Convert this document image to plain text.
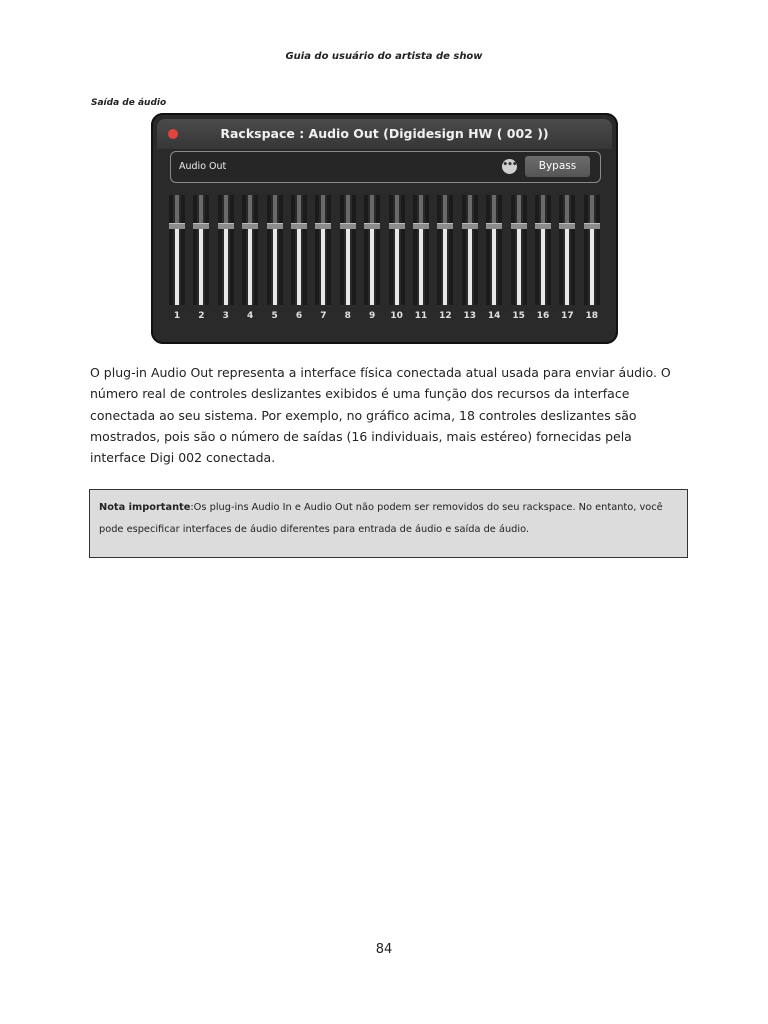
Guia do usuário do artista de show
Saída de áudio
Rackspace : Audio Out (Digidesign HW ( 002 ))
Audio Out	•••	Bypass
1	2	3	4	5	6	7	8	9	10	11	12	13	14	15	16	17	18
O plug-in Audio Out representa a interface física conectada atual usada para enviar áudio. O número real de controles deslizantes exibidos é uma função dos recursos da interface conectada ao seu sistema. Por exemplo, no gráfico acima, 18 controles deslizantes são mostrados, pois são o número de saídas (16 individuais, mais estéreo) fornecidas pela interface Digi 002 conectada.
Nota importante:Os plug-ins Audio In e Audio Out não podem ser removidos do seu rackspace. No entanto, você pode especificar interfaces de áudio diferentes para entrada de áudio e saída de áudio.
84
